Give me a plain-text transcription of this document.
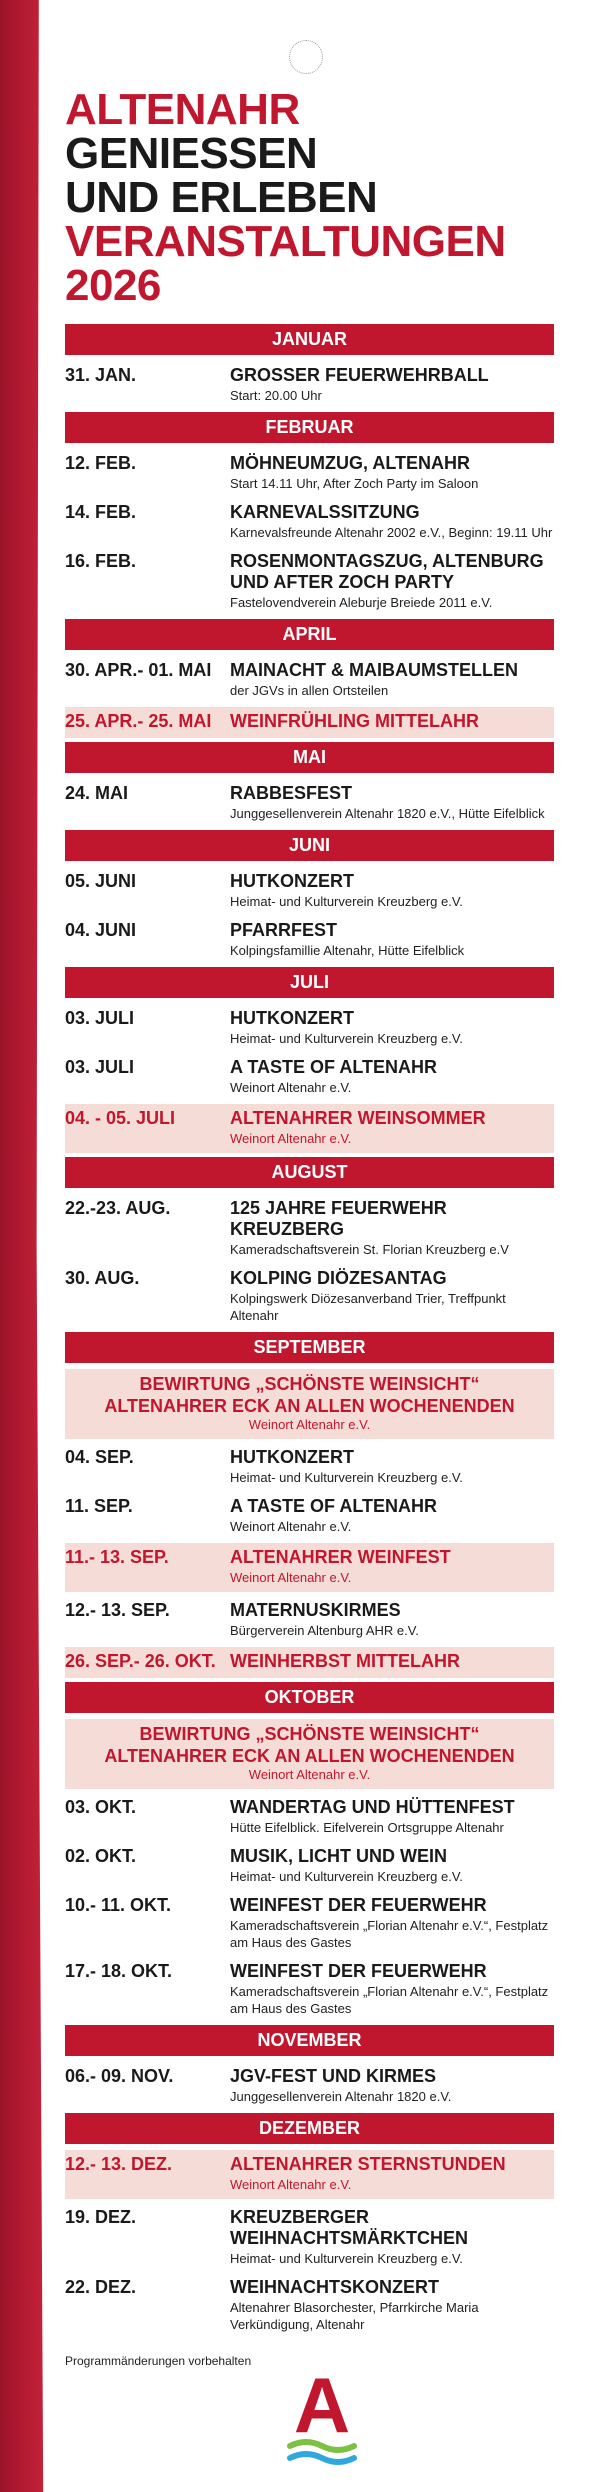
ALTENAHR
GENIESSEN
UND ERLEBEN
VERANSTALTUNGEN
2026
JANUAR
31. JAN.	GROSSER FEUERWEHRBALL
Start: 20.00 Uhr
FEBRUAR
12. FEB.	MÖHNEUMZUG, ALTENAHR
Start 14.11 Uhr, After Zoch Party im Saloon
14. FEB.	KARNEVALSSITZUNG
Karnevalsfreunde Altenahr 2002 e.V., Beginn: 19.11 Uhr
16. FEB.	ROSENMONTAGSZUG, ALTENBURG UND AFTER ZOCH PARTY
Fastelovendverein Aleburje Breiede 2011 e.V.
APRIL
30. APR.- 01. MAI	MAINACHT & MAIBAUMSTELLEN
der JGVs in allen Ortsteilen
25. APR.- 25. MAI	WEINFRÜHLING MITTELAHR
MAI
24. MAI	RABBESFEST
Junggesellenverein Altenahr 1820 e.V., Hütte Eifelblick
JUNI
05. JUNI	HUTKONZERT
Heimat- und Kulturverein Kreuzberg e.V.
04. JUNI	PFARRFEST
Kolpingsfamillie Altenahr, Hütte Eifelblick
JULI
03. JULI	HUTKONZERT
Heimat- und Kulturverein Kreuzberg e.V.
03. JULI	A TASTE OF ALTENAHR
Weinort Altenahr e.V.
04. - 05. JULI	ALTENAHRER WEINSOMMER
Weinort Altenahr e.V.
AUGUST
22.-23. AUG.	125 JAHRE FEUERWEHR KREUZBERG
Kameradschaftsverein St. Florian Kreuzberg e.V
30. AUG.	KOLPING DIÖZESANTAG
Kolpingswerk Diözesanverband Trier, Treffpunkt Altenahr
SEPTEMBER
BEWIRTUNG „SCHÖNSTE WEINSICHT“
ALTENAHRER ECK AN ALLEN WOCHENENDEN
Weinort Altenahr e.V.
04. SEP.	HUTKONZERT
Heimat- und Kulturverein Kreuzberg e.V.
11. SEP.	A TASTE OF ALTENAHR
Weinort Altenahr e.V.
11.- 13. SEP.	ALTENAHRER WEINFEST
Weinort Altenahr e.V.
12.- 13. SEP.	MATERNUSKIRMES
Bürgerverein Altenburg AHR e.V.
26. SEP.- 26. OKT. WEINHERBST MITTELAHR
OKTOBER
BEWIRTUNG „SCHÖNSTE WEINSICHT“
ALTENAHRER ECK AN ALLEN WOCHENENDEN
Weinort Altenahr e.V.
03. OKT.	WANDERTAG UND HÜTTENFEST
Hütte Eifelblick. Eifelverein Ortsgruppe Altenahr
02. OKT.	MUSIK, LICHT UND WEIN
Heimat- und Kulturverein Kreuzberg e.V.
10.- 11. OKT.	WEINFEST DER FEUERWEHR
Kameradschaftsverein „Florian Altenahr e.V.“, Festplatz am Haus des Gastes
17.- 18. OKT.	WEINFEST DER FEUERWEHR
Kameradschaftsverein „Florian Altenahr e.V.“, Festplatz am Haus des Gastes
NOVEMBER
06.- 09. NOV.	JGV-FEST UND KIRMES
Junggesellenverein Altenahr 1820 e.V.
DEZEMBER
12.- 13. DEZ.	ALTENAHRER STERNSTUNDEN
Weinort Altenahr e.V.
19. DEZ.	KREUZBERGER WEIHNACHTSMÄRKTCHEN
Heimat- und Kulturverein Kreuzberg e.V.
22. DEZ.	WEIHNACHTSKONZERT
Altenahrer Blasorchester, Pfarrkirche Maria Verkündigung, Altenahr
Programmänderungen vorbehalten A
